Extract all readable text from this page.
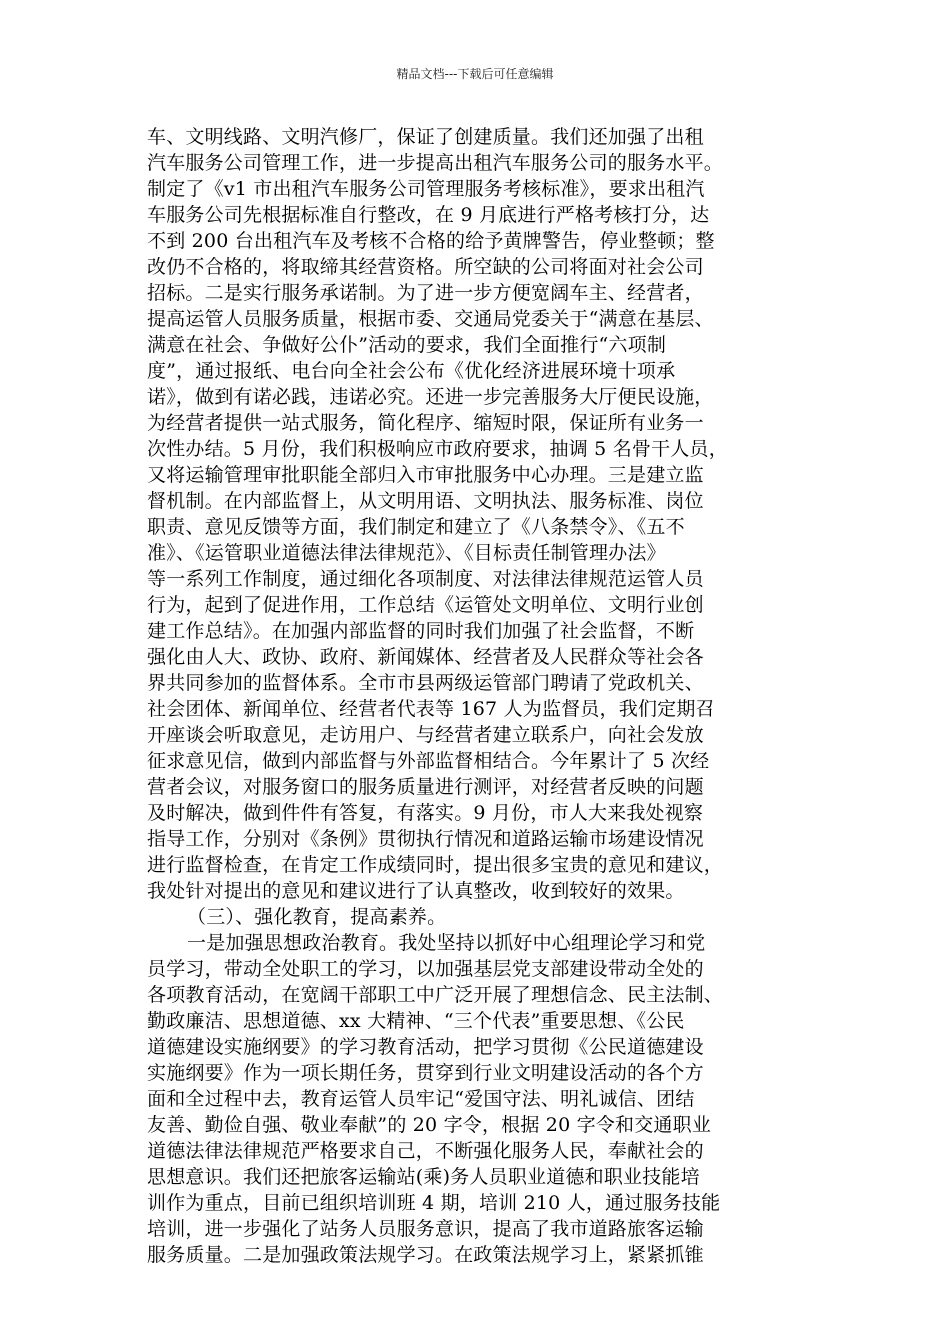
精品文档---下载后可任意编辑
车、文明线路、文明汽修厂，保证了创建质量。我们还加强了出租
汽车服务公司管理工作，进一步提高出租汽车服务公司的服务水平。
制定了《v1 市出租汽车服务公司管理服务考核标准》，要求出租汽
车服务公司先根据标准自行整改，在 9 月底进行严格考核打分，达
不到 200 台出租汽车及考核不合格的给予黄牌警告，停业整顿；整
改仍不合格的，将取缔其经营资格。所空缺的公司将面对社会公司
招标。二是实行服务承诺制。为了进一步方便宽阔车主、经营者，
提高运管人员服务质量，根据市委、交通局党委关于“满意在基层、
满意在社会、争做好公仆”活动的要求，我们全面推行“六项制
度”，通过报纸、电台向全社会公布《优化经济进展环境十项承
诺》，做到有诺必践，违诺必究。还进一步完善服务大厅便民设施，
为经营者提供一站式服务，简化程序、缩短时限，保证所有业务一
次性办结。5 月份，我们积极响应市政府要求，抽调 5 名骨干人员，
又将运输管理审批职能全部归入市审批服务中心办理。三是建立监
督机制。在内部监督上，从文明用语、文明执法、服务标准、岗位
职责、意见反馈等方面，我们制定和建立了《八条禁令》、《五不
准》、《运管职业道德法律法律规范》、《目标责任制管理办法》
等一系列工作制度，通过细化各项制度、对法律法律规范运管人员
行为，起到了促进作用，工作总结《运管处文明单位、文明行业创
建工作总结》。在加强内部监督的同时我们加强了社会监督，不断
强化由人大、政协、政府、新闻媒体、经营者及人民群众等社会各
界共同参加的监督体系。全市市县两级运管部门聘请了党政机关、
社会团体、新闻单位、经营者代表等 167 人为监督员，我们定期召
开座谈会听取意见，走访用户、与经营者建立联系户，向社会发放
征求意见信，做到内部监督与外部监督相结合。今年累计了 5 次经
营者会议，对服务窗口的服务质量进行测评，对经营者反映的问题
及时解决，做到件件有答复，有落实。9 月份，市人大来我处视察
指导工作，分别对《条例》贯彻执行情况和道路运输市场建设情况
进行监督检查，在肯定工作成绩同时，提出很多宝贵的意见和建议，
我处针对提出的意见和建议进行了认真整改，收到较好的效果。
（三）、强化教育，提高素养。
一是加强思想政治教育。我处坚持以抓好中心组理论学习和党
员学习，带动全处职工的学习，以加强基层党支部建设带动全处的
各项教育活动，在宽阔干部职工中广泛开展了理想信念、民主法制、
勤政廉洁、思想道德、xx 大精神、“三个代表”重要思想、《公民
道德建设实施纲要》的学习教育活动，把学习贯彻《公民道德建设
实施纲要》作为一项长期任务，贯穿到行业文明建设活动的各个方
面和全过程中去，教育运管人员牢记“爱国守法、明礼诚信、团结
友善、勤俭自强、敬业奉献”的 20 字令，根据 20 字令和交通职业
道德法律法律规范严格要求自己，不断强化服务人民，奉献社会的
思想意识。我们还把旅客运输站(乘)务人员职业道德和职业技能培
训作为重点，目前已组织培训班 4 期，培训 210 人，通过服务技能
培训，进一步强化了站务人员服务意识，提高了我市道路旅客运输
服务质量。二是加强政策法规学习。在政策法规学习上，紧紧抓锥
